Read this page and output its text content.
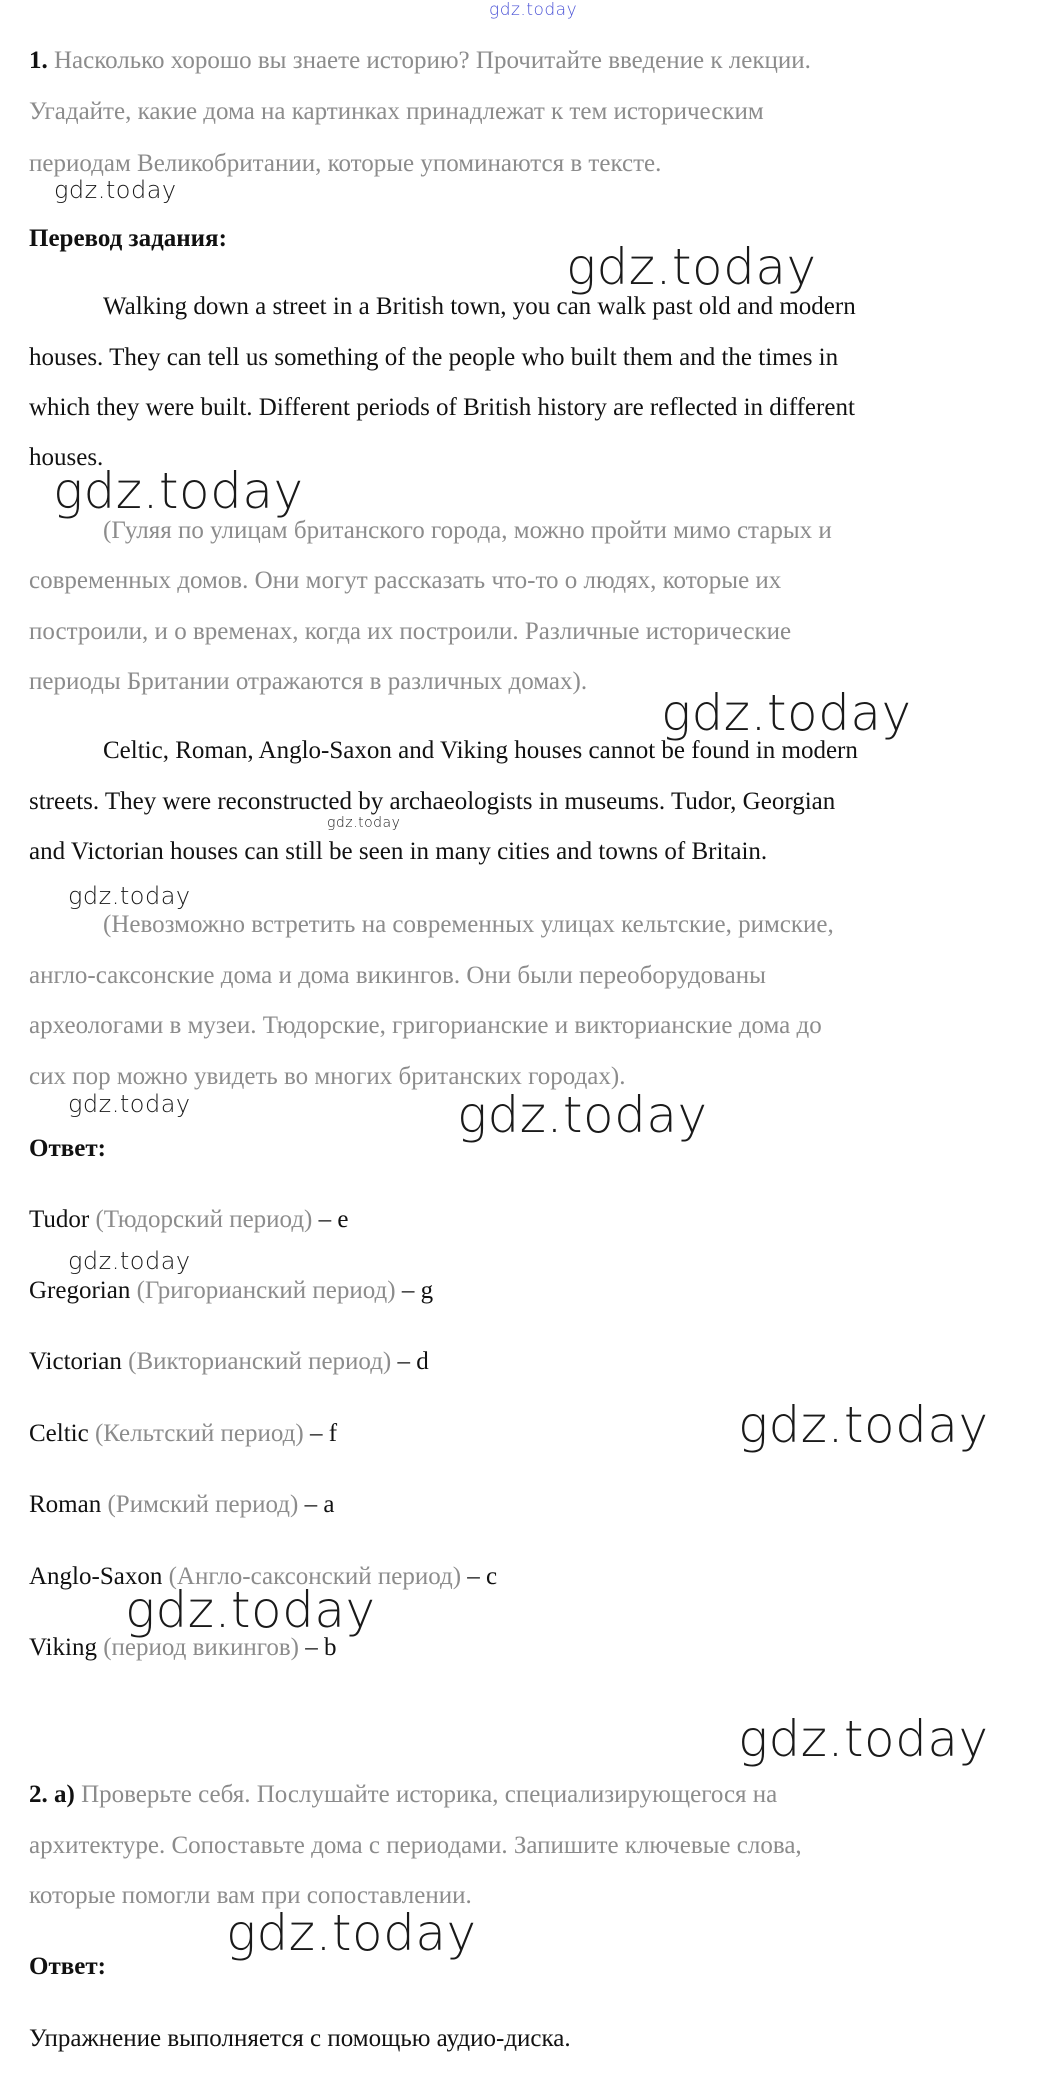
gdz.today
1. Насколько хорошо вы знаете историю? Прочитайте введение к лекции.
Угадайте, какие дома на картинках принадлежат к тем историческим
периодам Великобритании, которые упоминаются в тексте.
gdz.today
Перевод задания:	gdz.today
Walking down a street in a British town, you can walk past old and modern
houses. They can tell us something of the people who built them and the times in
which they were built. Different periods of British history are reflected in different
houses.
gdz.today
(Гуляя по улицам британского города, можно пройти мимо старых и
современных домов. Они могут рассказать что-то о людях, которые их
построили, и о временах, когда их построили. Различные исторические
периоды Британии отражаются в различных домах).
gdz.today
Celtic, Roman, Anglo-Saxon and Viking houses cannot be found in modern
streets. They were reconstructed by archaeologists in museums. Tudor, Georgian
gdz.today
and Victorian houses can still be seen in many cities and towns of Britain.
gdz.today
(Невозможно встретить на современных улицах кельтские, римские,
англо-саксонские дома и дома викингов. Они были переоборудованы
археологами в музеи. Тюдорские, григорианские и викторианские дома до
сих пор можно увидеть во многих британских городах).
gdz.today	gdz.today
Ответ:
Tudor (Тюдорский период) – e
gdz.today
Gregorian (Григорианский период) – g
Victorian (Викторианский период) – d
gdz.today
Celtic (Кельтский период) – f
Roman (Римский период) – a
Anglo-Saxon (Англо-саксонский период) – c
gdz.today
Viking (период викингов) – b
gdz.today
2. а) Проверьте себя. Послушайте историка, специализирующегося на
архитектуре. Сопоставьте дома с периодами. Запишите ключевые слова,
которые помогли вам при сопоставлении.
gdz.today
Ответ:
Упражнение выполняется с помощью аудио-диска.
